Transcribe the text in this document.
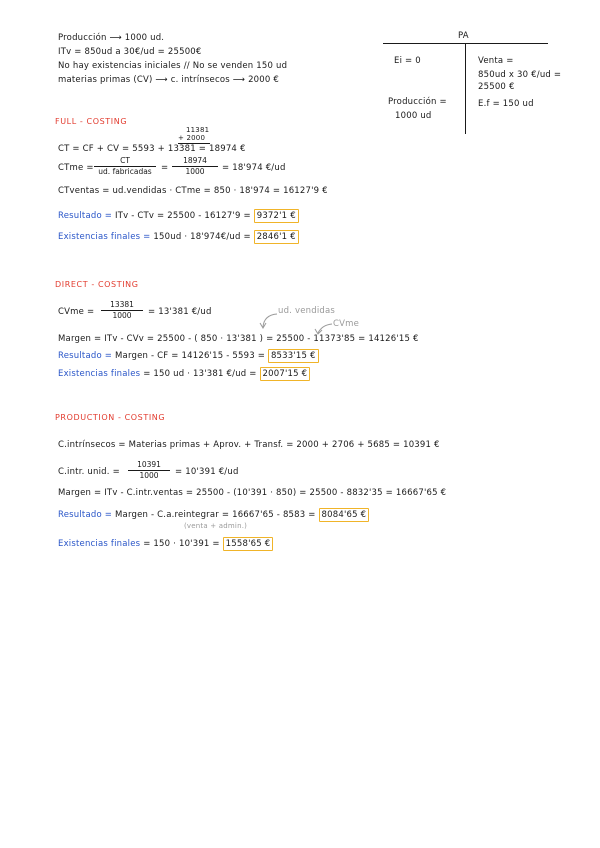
Producción ⟶ 1000 ud.
ITv = 850ud a 30€/ud = 25500€
No hay existencias iniciales // No se venden 150 ud
materias primas (CV) ⟶ c. intrínsecos ⟶ 2000 €
PA
Ei = 0
Producción =
1000 ud
Venta =
850ud x 30 €/ud =
25500 €
E.f = 150 ud
FULL - COSTING
11381
+ 2000
CT = CF + CV = 5593 + 13381 = 18974 €
CTme =
CT
ud. fabricadas	= $\frac{18974}{1000} = 18'974$ €/ud
CTventas = ud.vendidas · CTme = 850 · 18'974 = 16127'9 €
Resultado = ITv - CTv = 25500 - 16127'9 = 9372'1 €
Existencias finales = 150ud · 18'974€/ud = 2846'1 €
DIRECT - COSTING
CVme = $\frac{13381}{1000} = 13'381$ €/ud	ud. vendidas
CVme
Margen = ITv - CVv = 25500 - ( 850 · 13'381 ) = 25500 - 11373'85 = 14126'15 €
Resultado = Margen - CF = 14126'15 - 5593 = 8533'15 €
Existencias finales = 150 ud · 13'381 €/ud = 2007'15 €
PRODUCTION - COSTING
C.intrínsecos = Materias primas + Aprov. + Transf. = 2000 + 2706 + 5685 = 10391 €
C.intr. unid. = $\frac{10391}{1000} = 10'391$ €/ud
Margen = ITv - C.intr.ventas = 25500 - (10'391 · 850) = 25500 - 8832'35 = 16667'65 €
Resultado = Margen - C.a.reintegrar = 16667'65 - 8583 = 8084'65 €
(venta + admin.)
Existencias finales = 150 · 10'391 = 1558'65 €
